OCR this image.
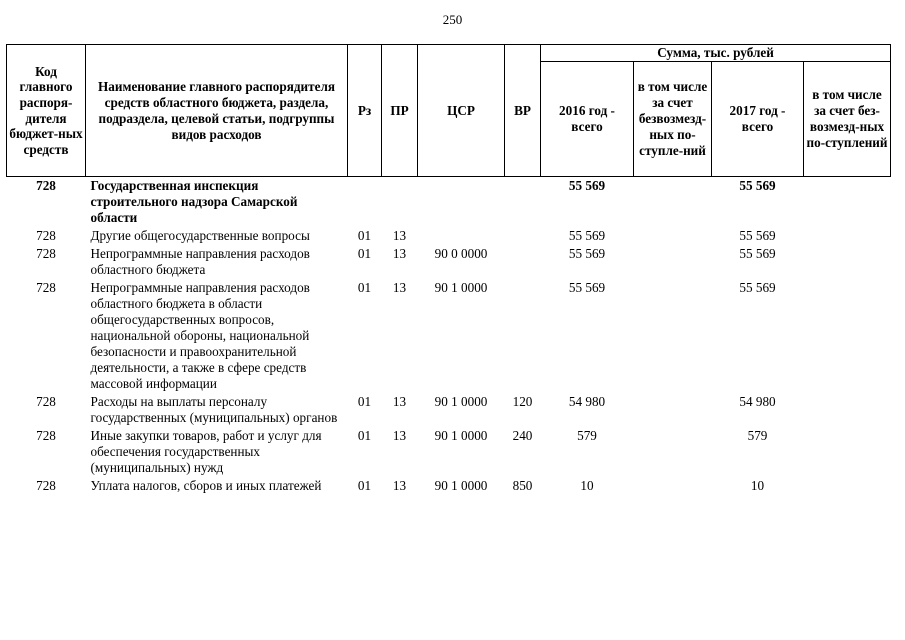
250
Код главного распоря-дителя бюджет-ных средств	Наименование главного распорядителя средств областного бюджета, раздела, подраздела, целевой статьи, подгруппы видов расходов	Рз	ПР	ЦСР	ВР	Сумма, тыс. рублей			
						2016 год - всего	в том числе за счет безвозмезд-ных по-ступле-ний	2017 год - всего	в том числе за счет без-возмезд-ных по-ступлений
728	Государственная инспекция строительного надзора Самарской области					55 569		55 569	
728	Другие общегосударственные вопросы	01	13			55 569		55 569	
728	Непрограммные направления расходов областного бюджета	01	13	90 0 0000		55 569		55 569	
728	Непрограммные направления расходов областного бюджета в области общегосударственных вопросов, национальной обороны, национальной безопасности и правоохранительной деятельности, а также в сфере средств массовой информации	01	13	90 1 0000		55 569		55 569	
728	Расходы на выплаты персоналу государственных (муниципальных) органов	01	13	90 1 0000	120	54 980		54 980	
728	Иные закупки товаров, работ и услуг для обеспечения государственных (муниципальных) нужд	01	13	90 1 0000	240	579		579	
728	Уплата налогов, сборов и иных платежей	01	13	90 1 0000	850	10		10	
